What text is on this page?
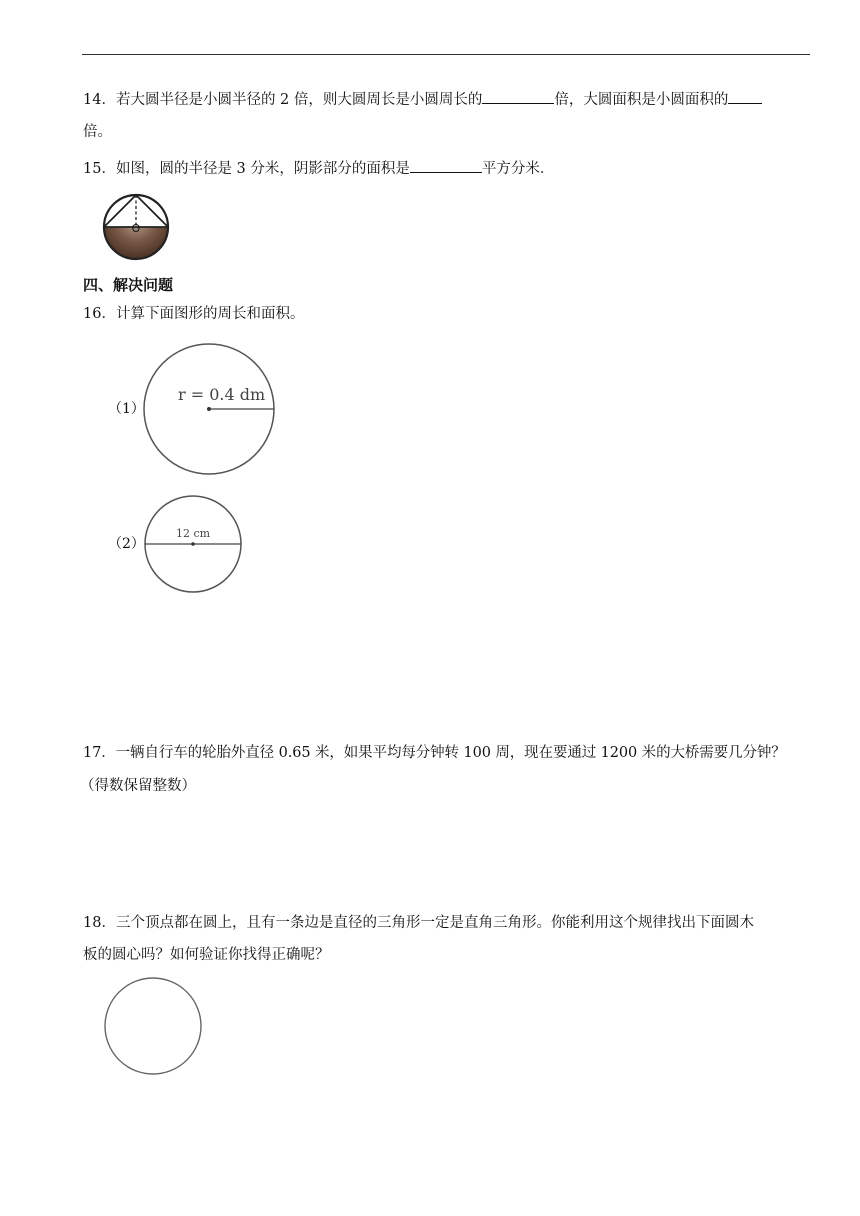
14．若大圆半径是小圆半径的 2 倍，则大圆周长是小圆周长的	倍，大圆面积是小圆面积的
倍。
15．如图，圆的半径是 3 分米，阴影部分的面积是	平方分米．
O
四、解决问题
16．计算下面图形的周长和面积。
（1）
r = 0.4 dm
（2）
12 cm
17．一辆自行车的轮胎外直径 0.65 米，如果平均每分钟转 100 周，现在要通过 1200 米的大桥需要几分钟？
（得数保留整数）
18．三个顶点都在圆上，且有一条边是直径的三角形一定是直角三角形。你能利用这个规律找出下面圆木
板的圆心吗？如何验证你找得正确呢？
